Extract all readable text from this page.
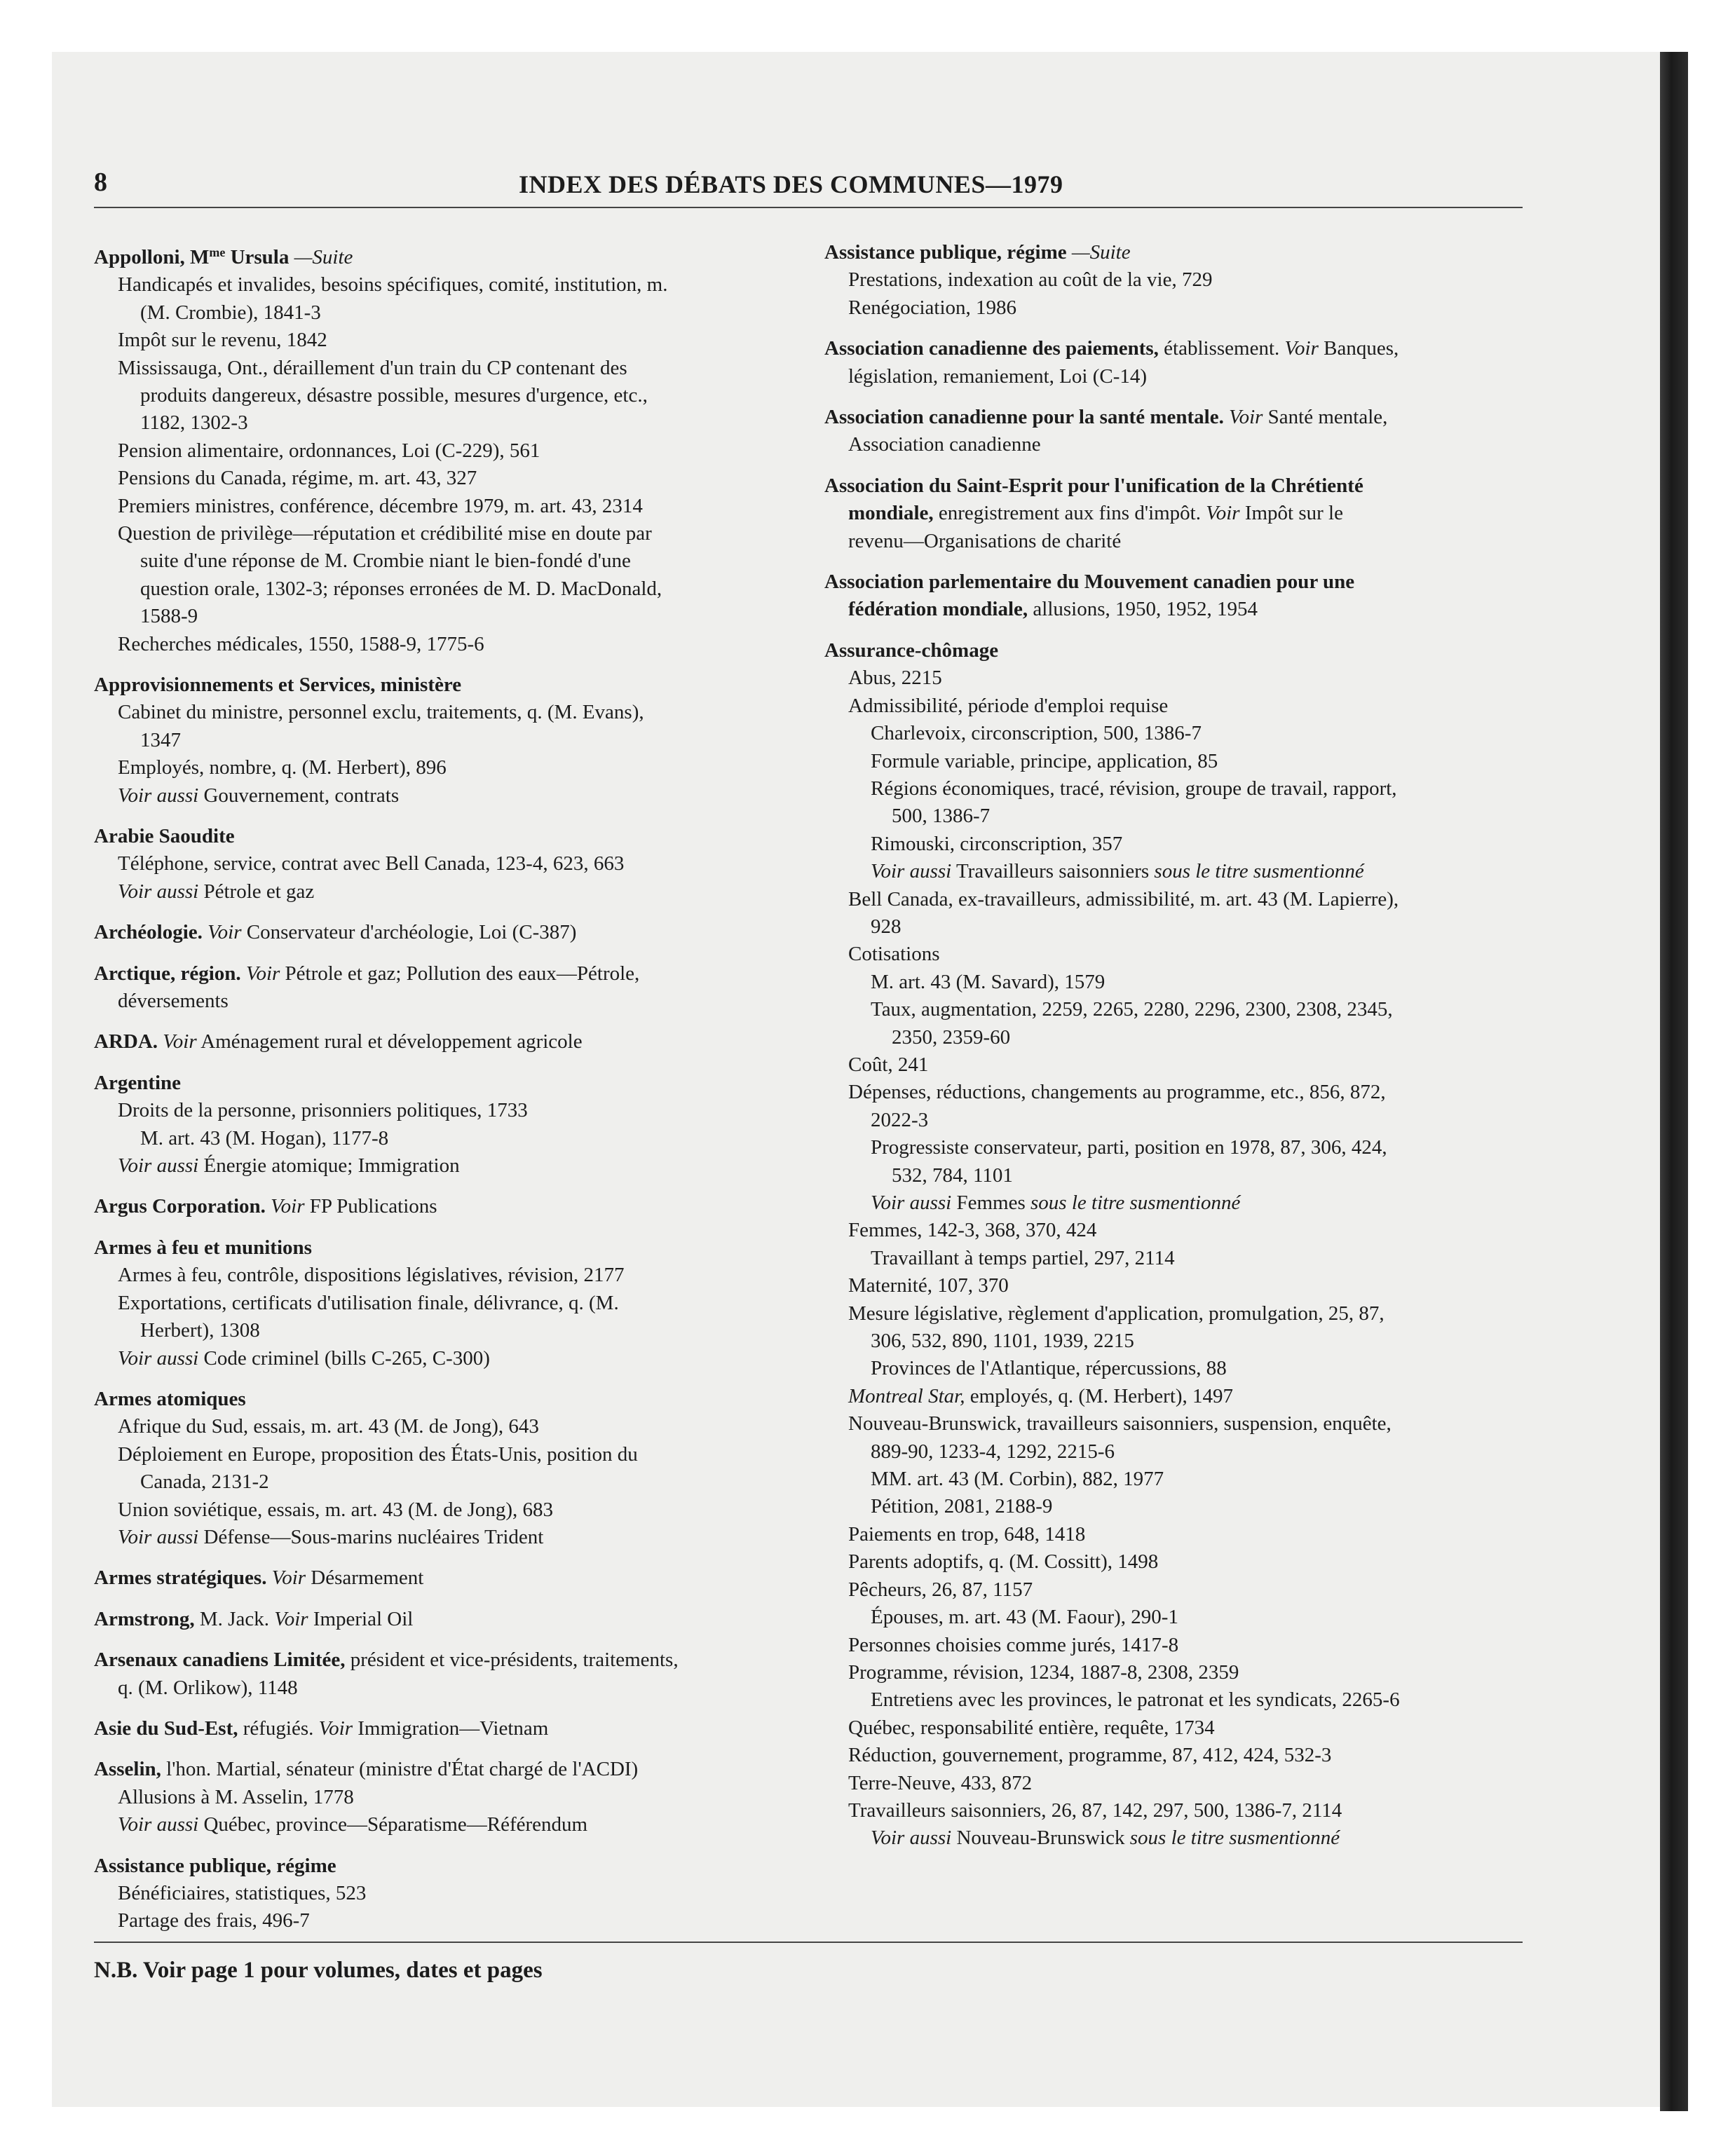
8	INDEX DES DÉBATS DES COMMUNES—1979
Appolloni, $M^{me}$ Ursula —Suite
Handicapés et invalides, besoins spécifiques, comité, institution, m.
(M. Crombie), 1841-3
Impôt sur le revenu, 1842
Mississauga, Ont., déraillement d'un train du CP contenant des
produits dangereux, désastre possible, mesures d'urgence, etc.,
1182, 1302-3
Pension alimentaire, ordonnances, Loi (C-229), 561
Pensions du Canada, régime, m. art. 43, 327
Premiers ministres, conférence, décembre 1979, m. art. 43, 2314
Question de privilège—réputation et crédibilité mise en doute par
suite d'une réponse de M. Crombie niant le bien-fondé d'une
question orale, 1302-3; réponses erronées de M. D. MacDonald,
1588-9
Recherches médicales, 1550, 1588-9, 1775-6
Approvisionnements et Services, ministère
Cabinet du ministre, personnel exclu, traitements, q. (M. Evans),
1347
Employés, nombre, q. (M. Herbert), 896
Voir aussi Gouvernement, contrats
Arabie Saoudite
Téléphone, service, contrat avec Bell Canada, 123-4, 623, 663
Voir aussi Pétrole et gaz
Archéologie. Voir Conservateur d'archéologie, Loi (C-387)
Arctique, région. Voir Pétrole et gaz; Pollution des eaux—Pétrole,
déversements
ARDA. Voir Aménagement rural et développement agricole
Argentine
Droits de la personne, prisonniers politiques, 1733
M. art. 43 (M. Hogan), 1177-8
Voir aussi Énergie atomique; Immigration
Argus Corporation. Voir FP Publications
Armes à feu et munitions
Armes à feu, contrôle, dispositions législatives, révision, 2177
Exportations, certificats d'utilisation finale, délivrance, q. (M.
Herbert), 1308
Voir aussi Code criminel (bills C-265, C-300)
Armes atomiques
Afrique du Sud, essais, m. art. 43 (M. de Jong), 643
Déploiement en Europe, proposition des États-Unis, position du
Canada, 2131-2
Union soviétique, essais, m. art. 43 (M. de Jong), 683
Voir aussi Défense—Sous-marins nucléaires Trident
Armes stratégiques. Voir Désarmement
Armstrong, M. Jack. Voir Imperial Oil
Arsenaux canadiens Limitée, président et vice-présidents, traitements,
q. (M. Orlikow), 1148
Asie du Sud-Est, réfugiés. Voir Immigration—Vietnam
Asselin, l'hon. Martial, sénateur (ministre d'État chargé de l'ACDI)
Allusions à M. Asselin, 1778
Voir aussi Québec, province—Séparatisme—Référendum
Assistance publique, régime
Bénéficiaires, statistiques, 523
Partage des frais, 496-7
Assistance publique, régime —Suite
Prestations, indexation au coût de la vie, 729
Renégociation, 1986
Association canadienne des paiements, établissement. Voir Banques,
législation, remaniement, Loi (C-14)
Association canadienne pour la santé mentale. Voir Santé mentale,
Association canadienne
Association du Saint-Esprit pour l'unification de la Chrétienté
mondiale, enregistrement aux fins d'impôt. Voir Impôt sur le
revenu—Organisations de charité
Association parlementaire du Mouvement canadien pour une
fédération mondiale, allusions, 1950, 1952, 1954
Assurance-chômage
Abus, 2215
Admissibilité, période d'emploi requise
Charlevoix, circonscription, 500, 1386-7
Formule variable, principe, application, 85
Régions économiques, tracé, révision, groupe de travail, rapport,
500, 1386-7
Rimouski, circonscription, 357
Voir aussi Travailleurs saisonniers sous le titre susmentionné
Bell Canada, ex-travailleurs, admissibilité, m. art. 43 (M. Lapierre),
928
Cotisations
M. art. 43 (M. Savard), 1579
Taux, augmentation, 2259, 2265, 2280, 2296, 2300, 2308, 2345,
2350, 2359-60
Coût, 241
Dépenses, réductions, changements au programme, etc., 856, 872,
2022-3
Progressiste conservateur, parti, position en 1978, 87, 306, 424,
532, 784, 1101
Voir aussi Femmes sous le titre susmentionné
Femmes, 142-3, 368, 370, 424
Travaillant à temps partiel, 297, 2114
Maternité, 107, 370
Mesure législative, règlement d'application, promulgation, 25, 87,
306, 532, 890, 1101, 1939, 2215
Provinces de l'Atlantique, répercussions, 88
Montreal Star, employés, q. (M. Herbert), 1497
Nouveau-Brunswick, travailleurs saisonniers, suspension, enquête,
889-90, 1233-4, 1292, 2215-6
MM. art. 43 (M. Corbin), 882, 1977
Pétition, 2081, 2188-9
Paiements en trop, 648, 1418
Parents adoptifs, q. (M. Cossitt), 1498
Pêcheurs, 26, 87, 1157
Épouses, m. art. 43 (M. Faour), 290-1
Personnes choisies comme jurés, 1417-8
Programme, révision, 1234, 1887-8, 2308, 2359
Entretiens avec les provinces, le patronat et les syndicats, 2265-6
Québec, responsabilité entière, requête, 1734
Réduction, gouvernement, programme, 87, 412, 424, 532-3
Terre-Neuve, 433, 872
Travailleurs saisonniers, 26, 87, 142, 297, 500, 1386-7, 2114
Voir aussi Nouveau-Brunswick sous le titre susmentionné
N.B. Voir page 1 pour volumes, dates et pages
